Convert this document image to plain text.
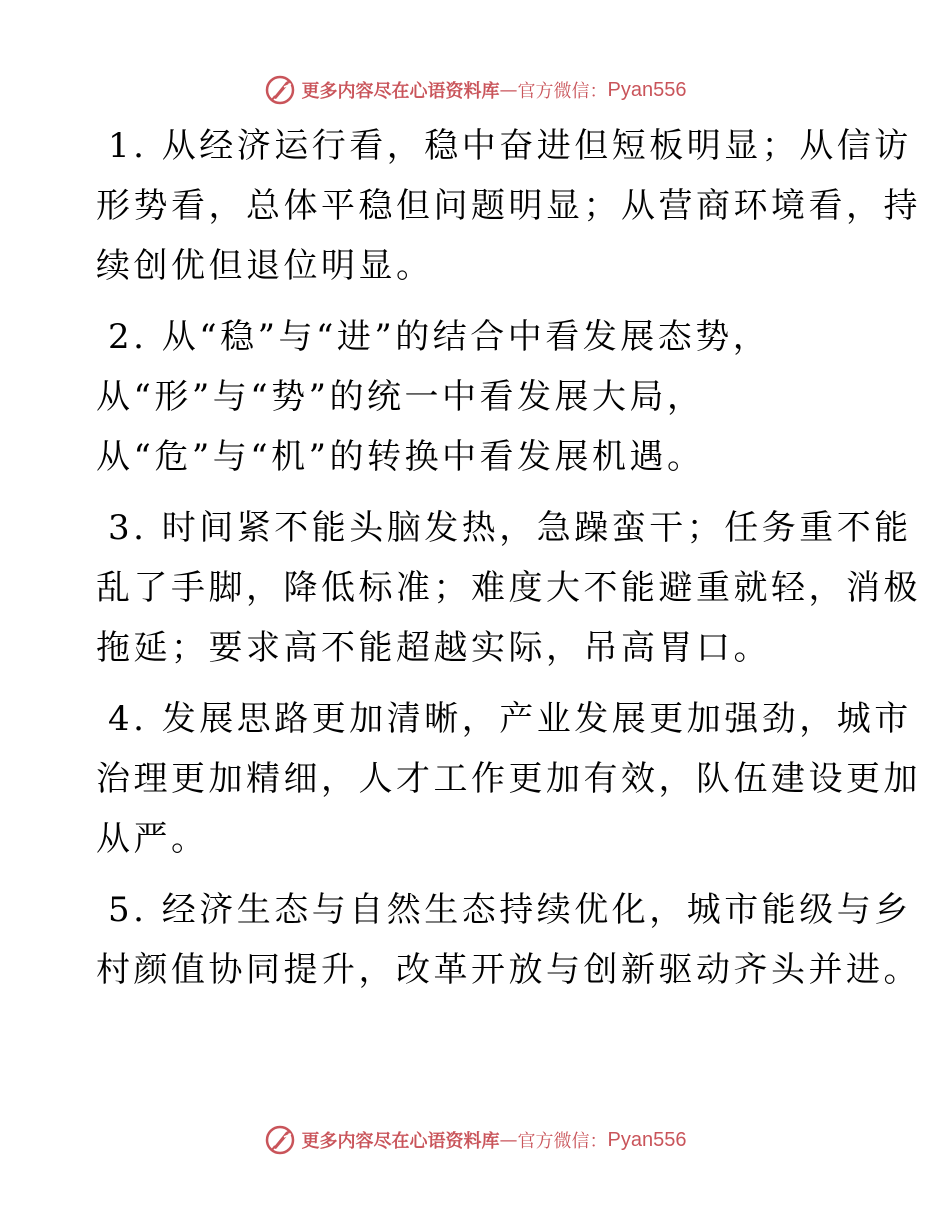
更多内容尽在心语资料库 — 官方微信： Pyan556

1. 从经济运行看，稳中奋进但短板明显；从信访
形势看，总体平稳但问题明显；从营商环境看，持
续创优但退位明显。

2. 从“稳”与“进”的结合中看发展态势，
从“形”与“势”的统一中看发展大局，
从“危”与“机”的转换中看发展机遇。

3. 时间紧不能头脑发热，急躁蛮干；任务重不能
乱了手脚，降低标准；难度大不能避重就轻，消极
拖延；要求高不能超越实际，吊高胃口。

4. 发展思路更加清晰，产业发展更加强劲，城市
治理更加精细，人才工作更加有效，队伍建设更加
从严。

5. 经济生态与自然生态持续优化，城市能级与乡
村颜值协同提升，改革开放与创新驱动齐头并进。

更多内容尽在心语资料库 — 官方微信： Pyan556
